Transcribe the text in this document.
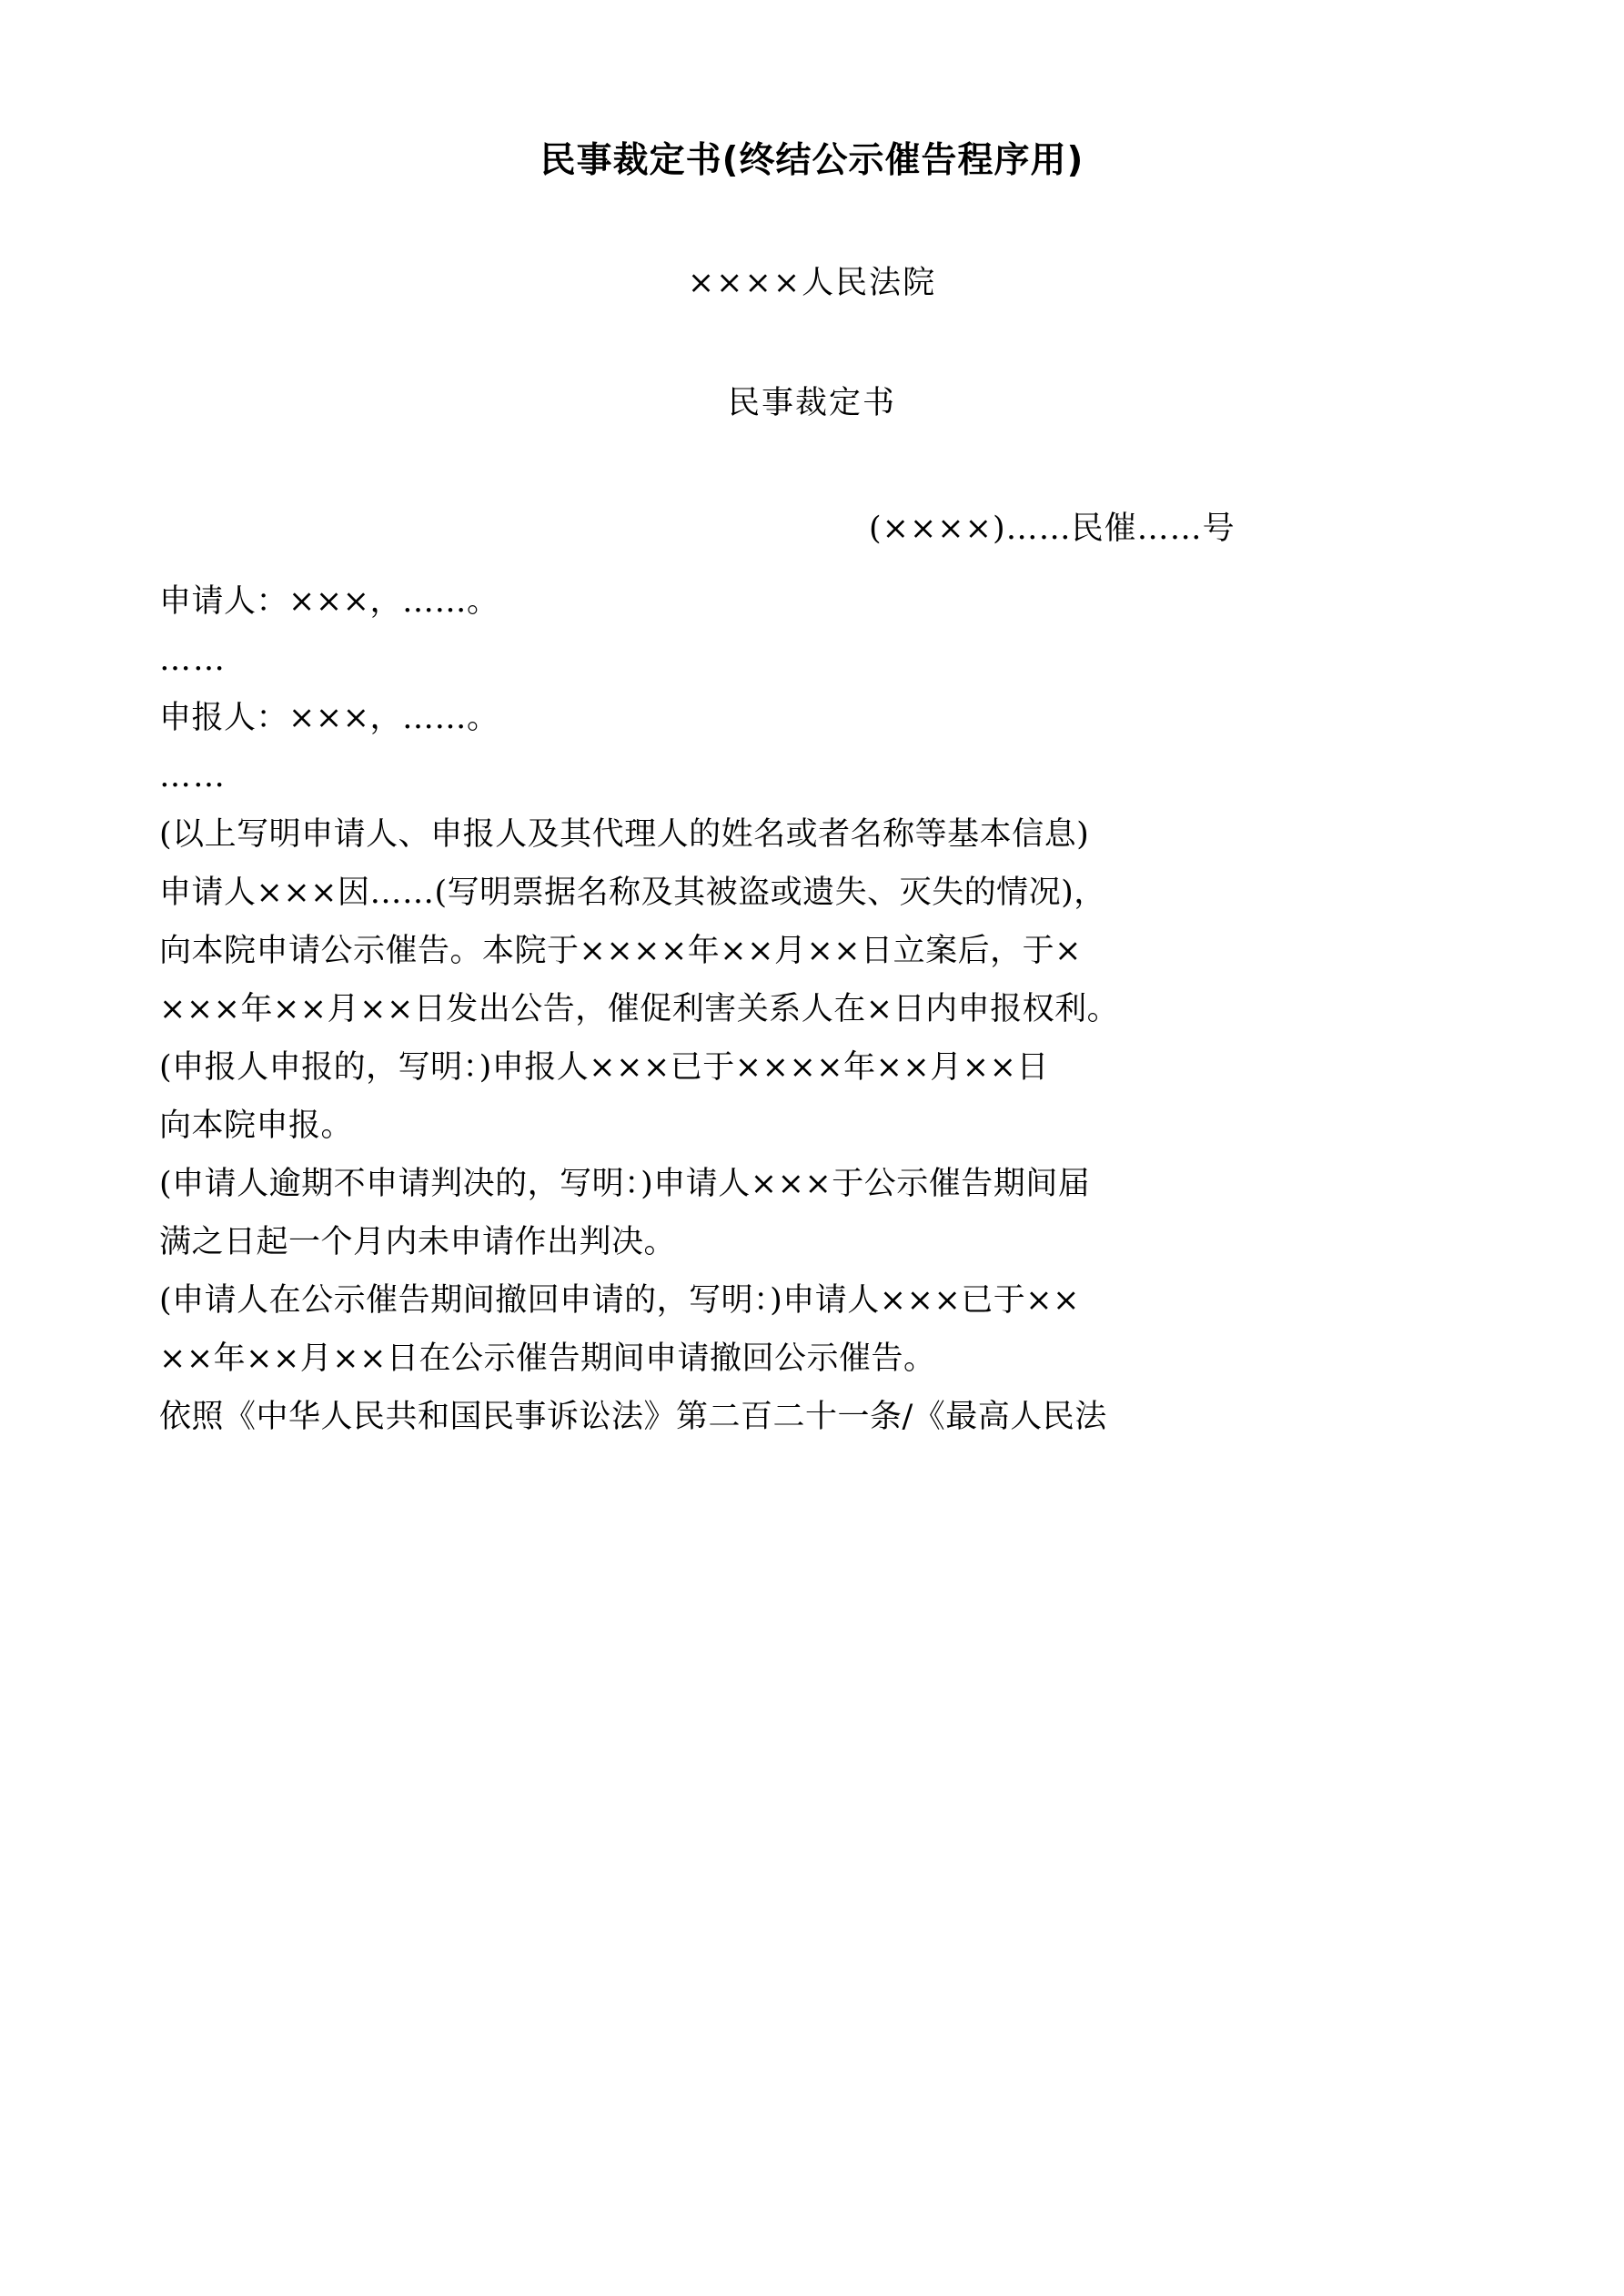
民事裁定书(终结公示催告程序用)
××××人民法院
民事裁定书
(××××)……民催……号
申请人：×××，……。
……
申报人：×××，……。
……
(以上写明申请人、申报人及其代理人的姓名或者名称等基本信息)
申请人×××因……(写明票据名称及其被盗或遗失、灭失的情况)，
向本院申请公示催告。本院于××××年××月××日立案后，于×
×××年××月××日发出公告，催促利害关系人在×日内申报权利。
(申报人申报的，写明：)申报人×××已于××××年××月××日
向本院申报。
(申请人逾期不申请判决的，写明：)申请人×××于公示催告期间届
满之日起一个月内未申请作出判决。
(申请人在公示催告期间撤回申请的，写明：)申请人×××已于××
××年××月××日在公示催告期间申请撤回公示催告。
依照《中华人民共和国民事诉讼法》第二百二十一条/《最高人民法
